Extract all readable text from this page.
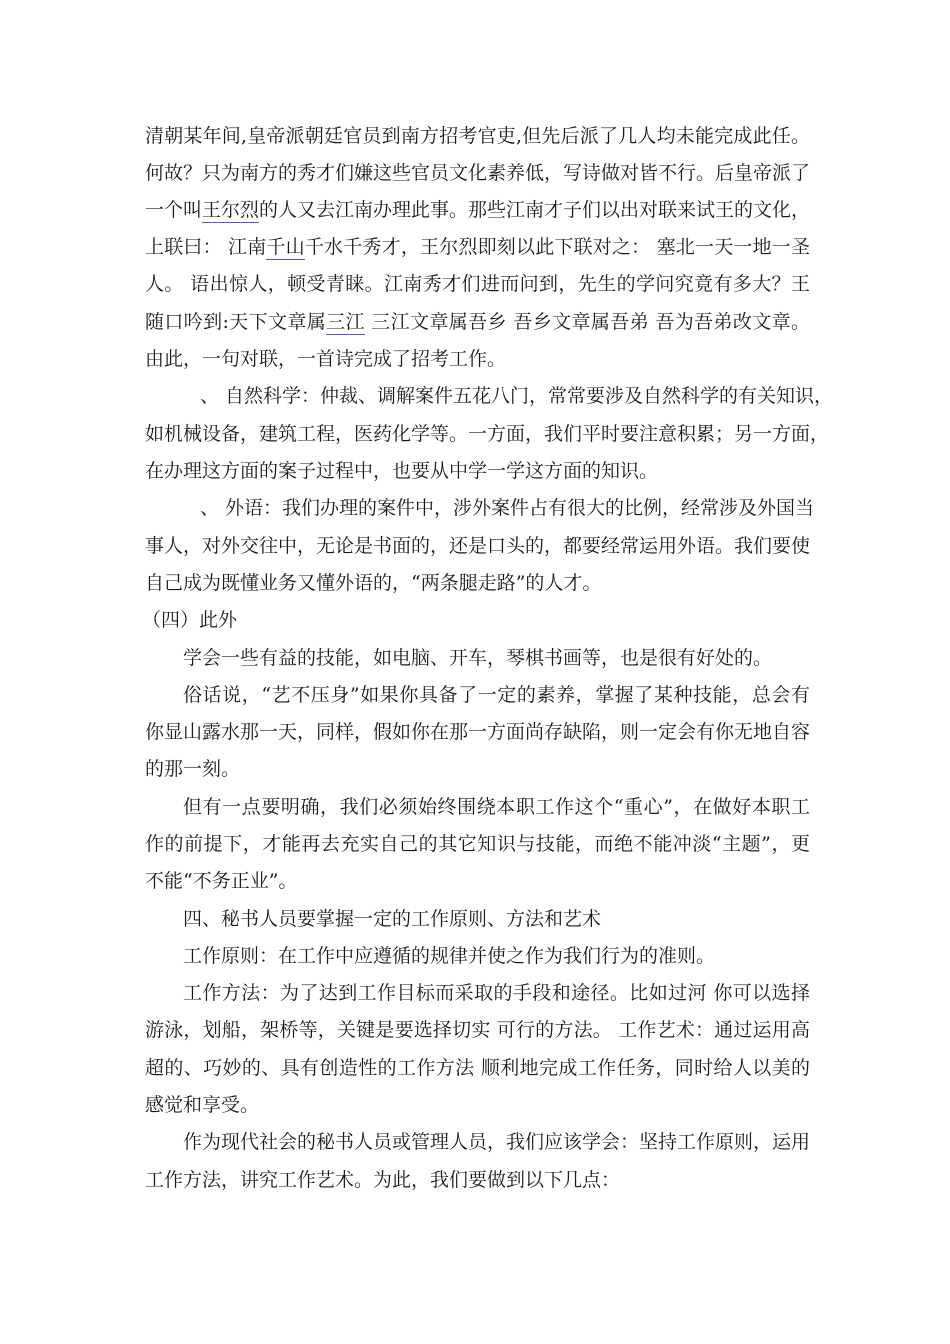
清朝某年间,皇帝派朝廷官员到南方招考官吏,但先后派了几人均未能完成此任。
何故？只为南方的秀才们嫌这些官员文化素养低，写诗做对皆不行。后皇帝派了
一个叫王尔烈的人又去江南办理此事。那些江南才子们以出对联来试王的文化，
上联曰： 江南千山千水千秀才，王尔烈即刻以此下联对之： 塞北一天一地一圣
人。 语出惊人，顿受青睐。江南秀才们进而问到，先生的学问究竟有多大？王
随口吟到:天下文章属三江 三江文章属吾乡 吾乡文章属吾弟 吾为吾弟改文章。
由此，一句对联，一首诗完成了招考工作。
、 自然科学：仲裁、调解案件五花八门，常常要涉及自然科学的有关知识，
如机械设备，建筑工程，医药化学等。一方面，我们平时要注意积累；另一方面，
在办理这方面的案子过程中，也要从中学一学这方面的知识。
、 外语：我们办理的案件中，涉外案件占有很大的比例，经常涉及外国当
事人，对外交往中，无论是书面的，还是口头的，都要经常运用外语。我们要使
自己成为既懂业务又懂外语的，“两条腿走路”的人才。
（四）此外
学会一些有益的技能，如电脑、开车，琴棋书画等，也是很有好处的。
俗话说，“艺不压身”如果你具备了一定的素养，掌握了某种技能，总会有
你显山露水那一天，同样，假如你在那一方面尚存缺陷，则一定会有你无地自容
的那一刻。
但有一点要明确，我们必须始终围绕本职工作这个“重心”，在做好本职工
作的前提下，才能再去充实自己的其它知识与技能，而绝不能冲淡“主题”，更
不能“不务正业”。
四、秘书人员要掌握一定的工作原则、方法和艺术
工作原则：在工作中应遵循的规律并使之作为我们行为的准则。
工作方法：为了达到工作目标而采取的手段和途径。比如过河 你可以选择
游泳，划船，架桥等，关键是要选择切实 可行的方法。 工作艺术：通过运用高
超的、巧妙的、具有创造性的工作方法 顺利地完成工作任务，同时给人以美的
感觉和享受。
作为现代社会的秘书人员或管理人员，我们应该学会：坚持工作原则，运用
工作方法，讲究工作艺术。为此，我们要做到以下几点：
